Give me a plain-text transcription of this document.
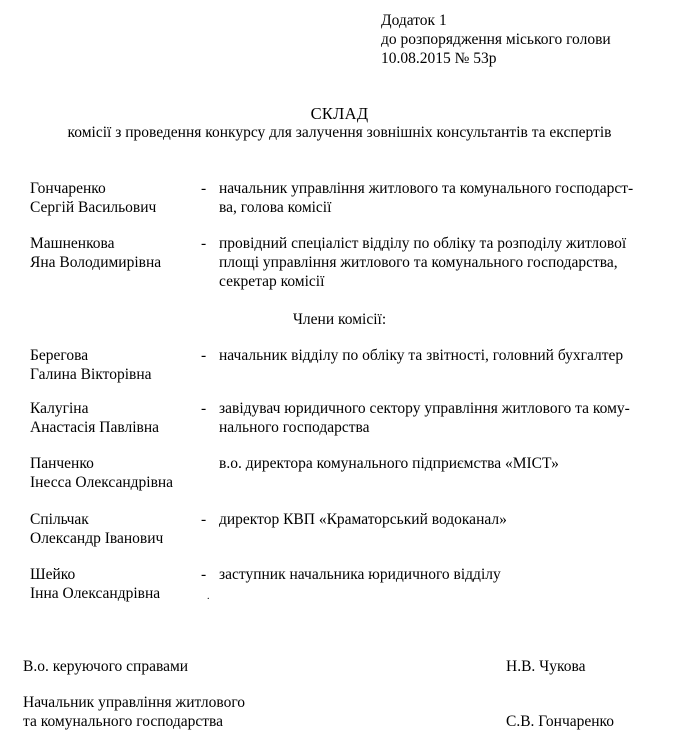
Додаток 1
до розпорядження міського голови
10.08.2015 № 53р
СКЛАД
комісії з проведення конкурсу для залучення зовнішніх консультантів та експертів
Гончаренко
Сергій Васильович
- начальник управління житлового та комунального господарст-
ва, голова комісії
Машненкова
Яна Володимирівна
- провідний спеціаліст відділу по обліку та розподілу житлової
площі управління житлового та комунального господарства,
секретар комісії
Члени комісії:
Берегова
Галина Вікторівна
- начальник відділу по обліку та звітності, головний бухгалтер
Калугіна
Анастасія Павлівна
- завідувач юридичного сектору управління житлового та кому-
нального господарства
Панченко
Інесса Олександрівна
в.о. директора комунального підприємства «МІСТ»
Спільчак
Олександр Іванович
- директор КВП «Краматорський водоканал»
Шейко
Інна Олександрівна
- заступник начальника юридичного відділу
.
В.о. керуючого справами	Н.В. Чукова
Начальник управління житлового
та комунального господарства	С.В. Гончаренко
